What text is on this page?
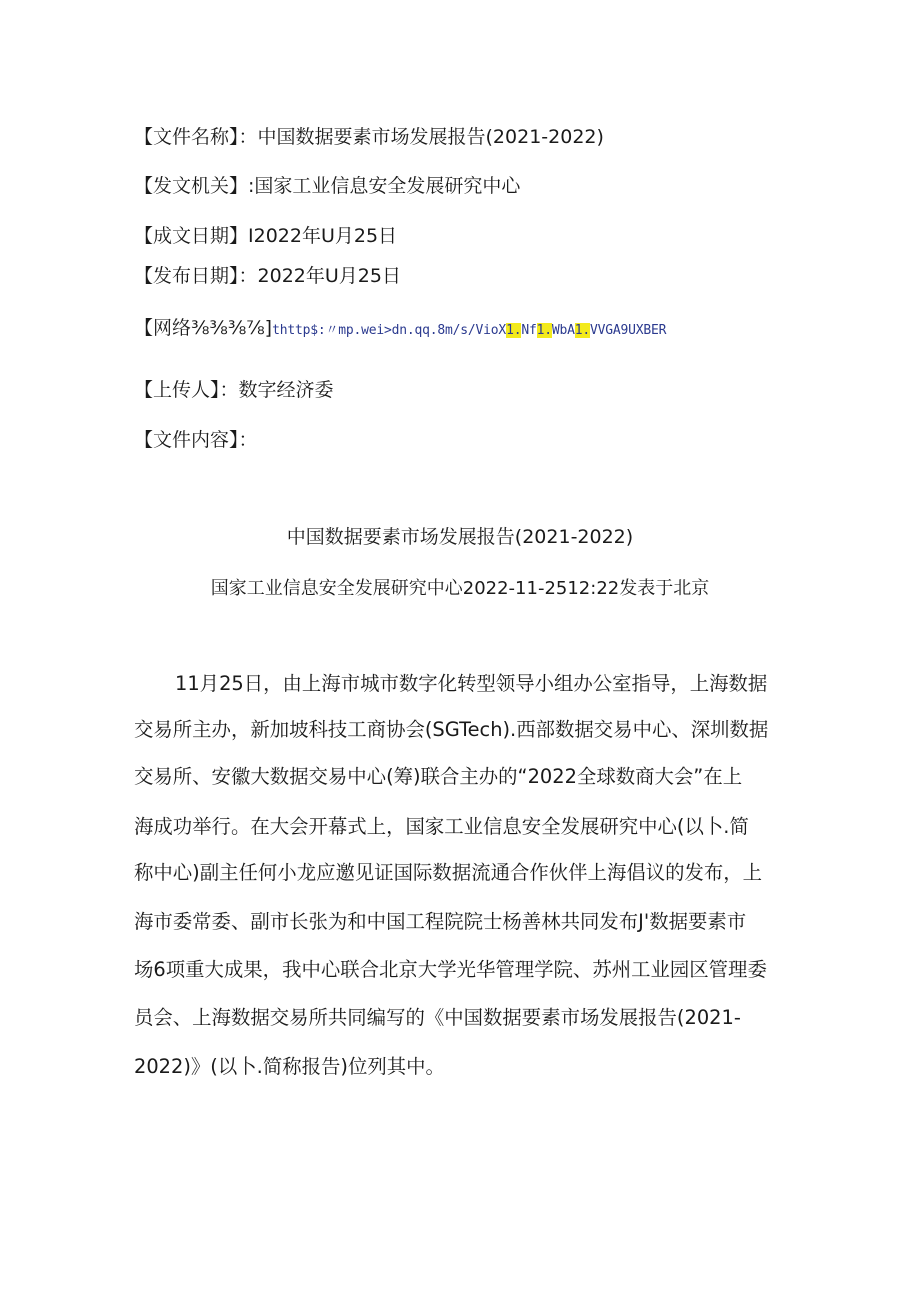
【文件名称】：中国数据要素市场发展报告(2021-2022)
【发文机关】:国家工业信息安全发展研究中心
【成文日期】I2022年U月25日
【发布日期】：2022年U月25日
【网络⅜⅜⅜⅞]thttp$:〃mp.wei>dn.qq.8m/s/VioX1.Nf1.WbA1.VVGA9UXBER
【上传人】：数字经济委
【文件内容】：
中国数据要素市场发展报告(2021-2022)
国家工业信息安全发展研究中心2022-11-2512:22发表于北京
11月25日，由上海市城市数字化转型领导小组办公室指导，上海数据
交易所主办，新加坡科技工商协会(SGTech).西部数据交易中心、深圳数据
交易所、安徽大数据交易中心(筹)联合主办的“2022全球数商大会”在上
海成功举行。在大会开幕式上，国家工业信息安全发展研究中心(以卜.简
称中心)副主任何小龙应邀见证国际数据流通合作伙伴上海倡议的发布，上
海市委常委、副市长张为和中国工程院院士杨善林共同发布J'数据要素市
场6项重大成果，我中心联合北京大学光华管理学院、苏州工业园区管理委
员会、上海数据交易所共同编写的《中国数据要素市场发展报告(2021-
2022)》(以卜.简称报告)位列其中。
